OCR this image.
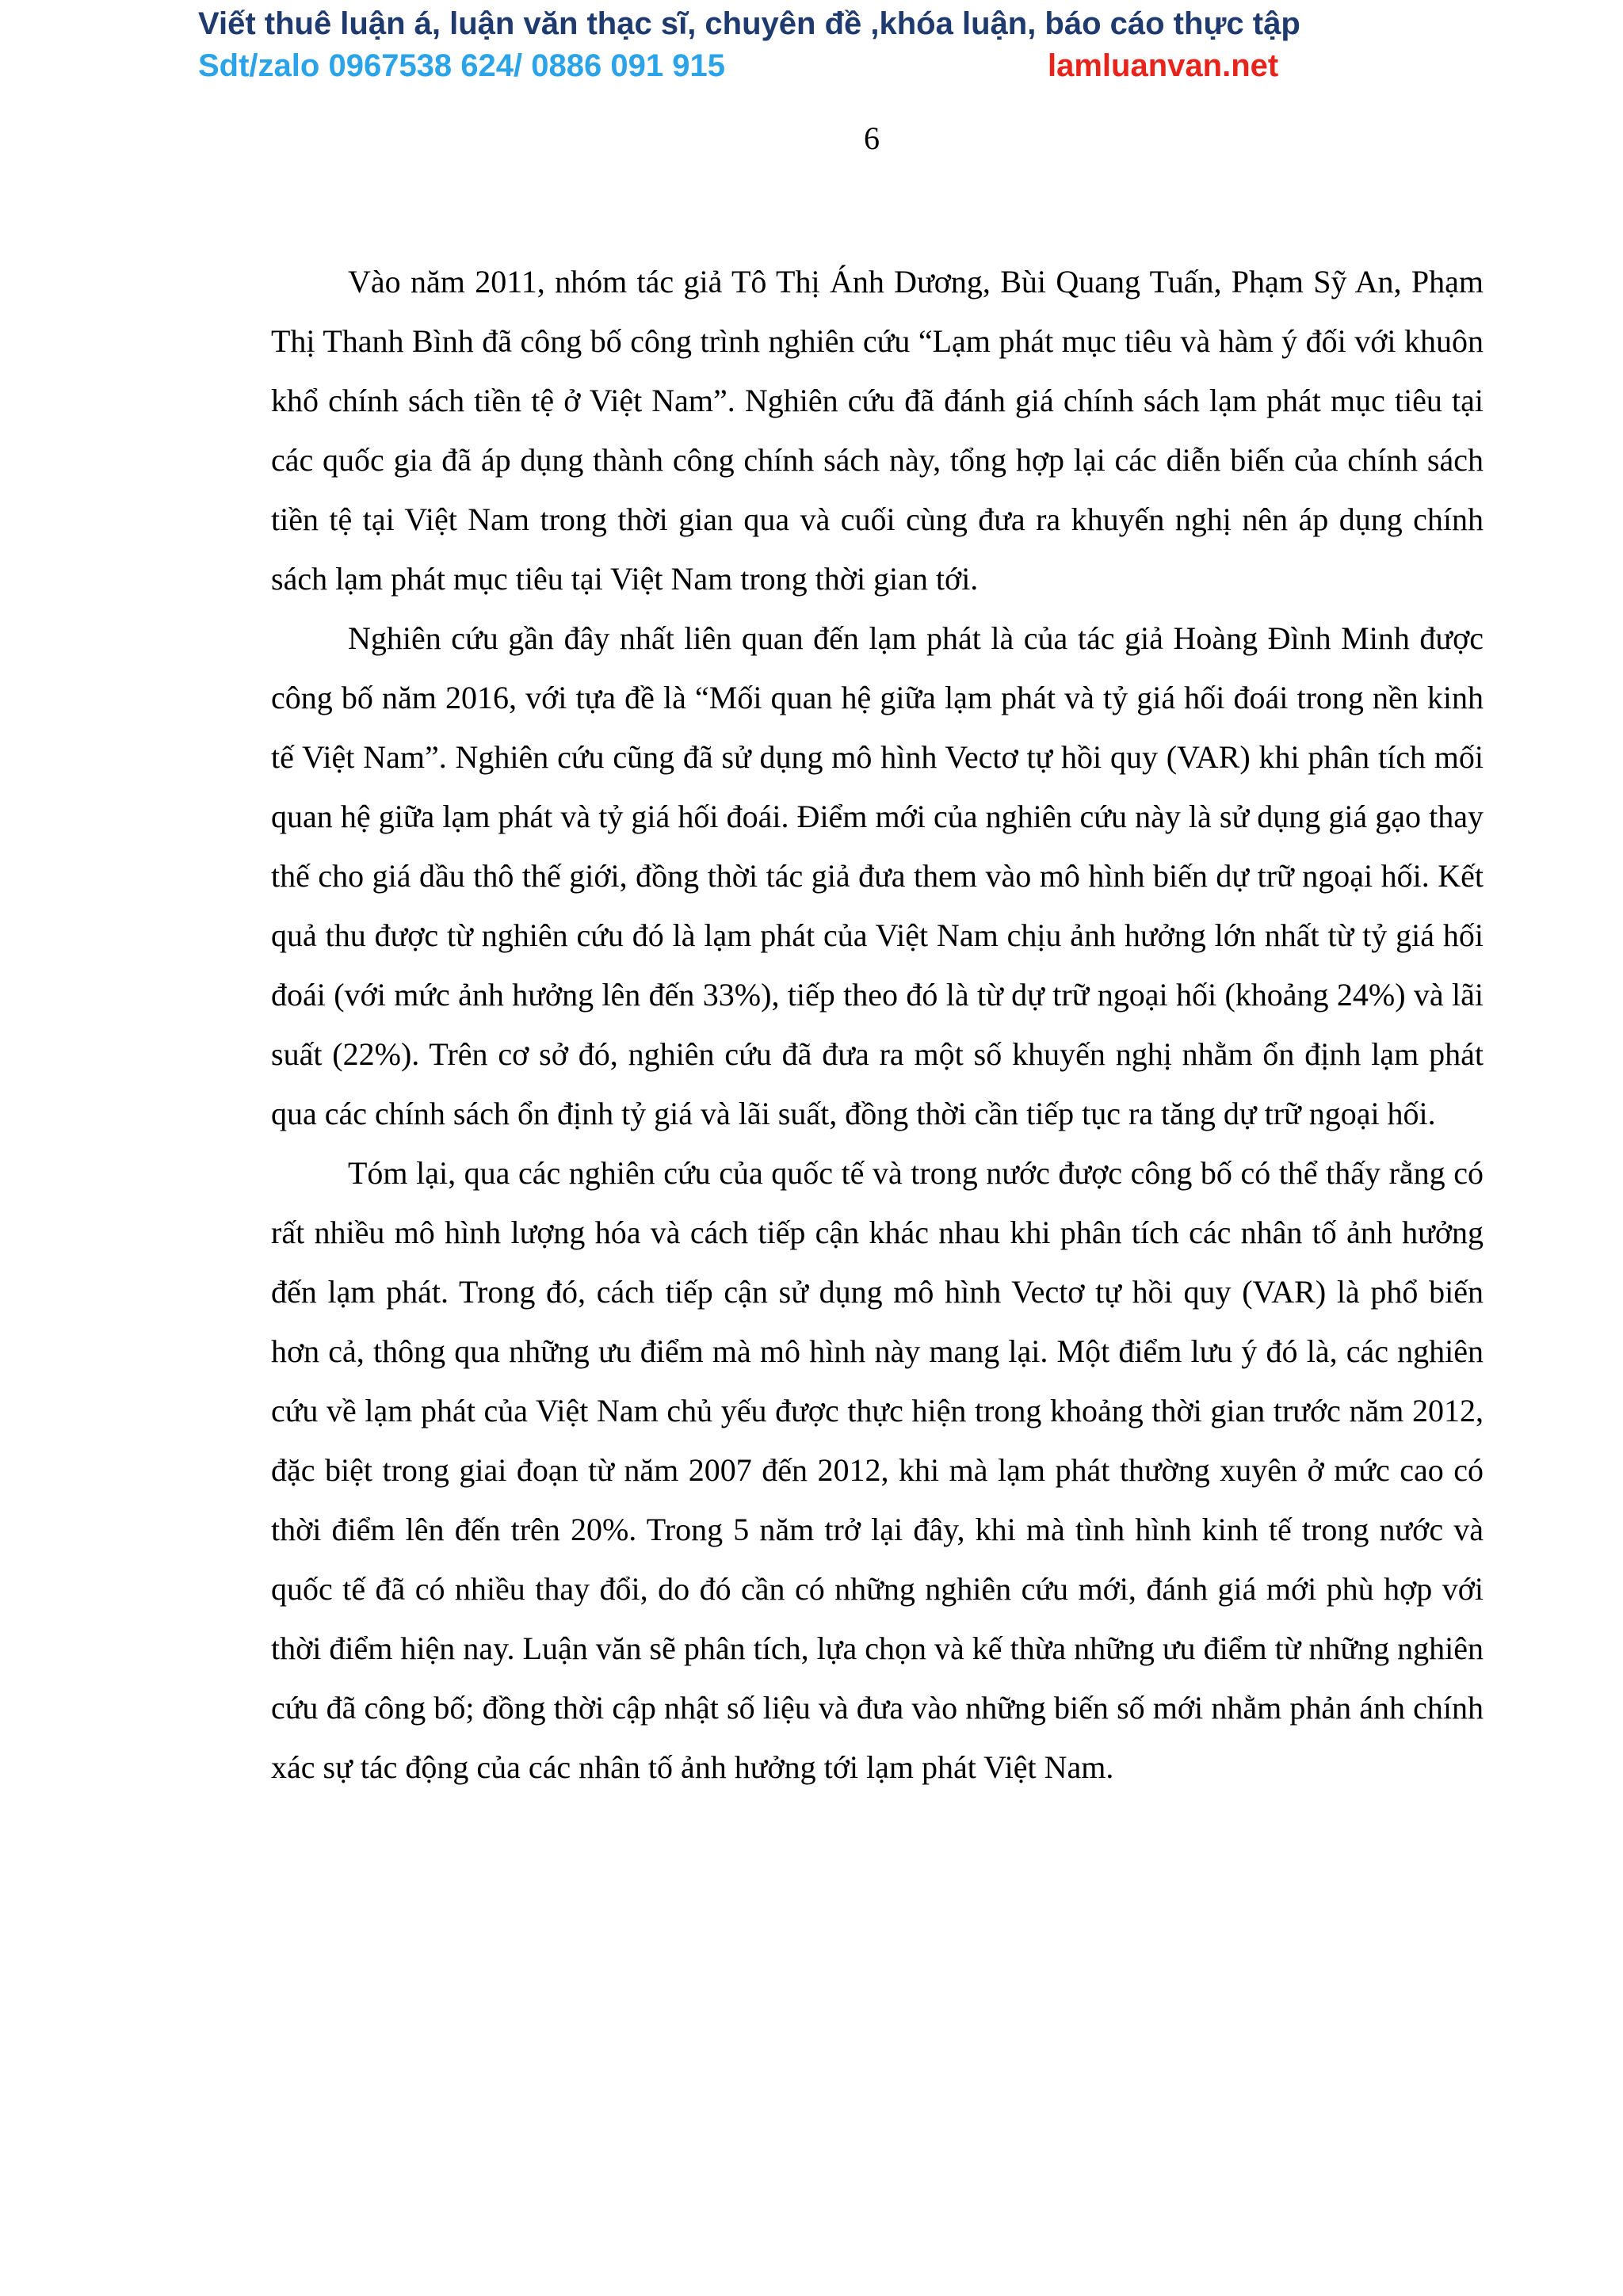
Viết thuê luận á, luận văn thạc sĩ, chuyên đề ,khóa luận, báo cáo thực tập
Sdt/zalo 0967538 624/ 0886 091 915	lamluanvan.net
6

Vào năm 2011, nhóm tác giả Tô Thị Ánh Dương, Bùi Quang Tuấn, Phạm Sỹ An, Phạm Thị Thanh Bình đã công bố công trình nghiên cứu “Lạm phát mục tiêu và hàm ý đối với khuôn khổ chính sách tiền tệ ở Việt Nam”. Nghiên cứu đã đánh giá chính sách lạm phát mục tiêu tại các quốc gia đã áp dụng thành công chính sách này, tổng hợp lại các diễn biến của chính sách tiền tệ tại Việt Nam trong thời gian qua và cuối cùng đưa ra khuyến nghị nên áp dụng chính sách lạm phát mục tiêu tại Việt Nam trong thời gian tới.

Nghiên cứu gần đây nhất liên quan đến lạm phát là của tác giả Hoàng Đình Minh được công bố năm 2016, với tựa đề là “Mối quan hệ giữa lạm phát và tỷ giá hối đoái trong nền kinh tế Việt Nam”. Nghiên cứu cũng đã sử dụng mô hình Vectơ tự hồi quy (VAR) khi phân tích mối quan hệ giữa lạm phát và tỷ giá hối đoái. Điểm mới của nghiên cứu này là sử dụng giá gạo thay thế cho giá dầu thô thế giới, đồng thời tác giả đưa them vào mô hình biến dự trữ ngoại hối. Kết quả thu được từ nghiên cứu đó là lạm phát của Việt Nam chịu ảnh hưởng lớn nhất từ tỷ giá hối đoái (với mức ảnh hưởng lên đến 33%), tiếp theo đó là từ dự trữ ngoại hối (khoảng 24%) và lãi suất (22%). Trên cơ sở đó, nghiên cứu đã đưa ra một số khuyến nghị nhằm ổn định lạm phát qua các chính sách ổn định tỷ giá và lãi suất, đồng thời cần tiếp tục ra tăng dự trữ ngoại hối.

Tóm lại, qua các nghiên cứu của quốc tế và trong nước được công bố có thể thấy rằng có rất nhiều mô hình lượng hóa và cách tiếp cận khác nhau khi phân tích các nhân tố ảnh hưởng đến lạm phát. Trong đó, cách tiếp cận sử dụng mô hình Vectơ tự hồi quy (VAR) là phổ biến hơn cả, thông qua những ưu điểm mà mô hình này mang lại. Một điểm lưu ý đó là, các nghiên cứu về lạm phát của Việt Nam chủ yếu được thực hiện trong khoảng thời gian trước năm 2012, đặc biệt trong giai đoạn từ năm 2007 đến 2012, khi mà lạm phát thường xuyên ở mức cao có thời điểm lên đến trên 20%. Trong 5 năm trở lại đây, khi mà tình hình kinh tế trong nước và quốc tế đã có nhiều thay đổi, do đó cần có những nghiên cứu mới, đánh giá mới phù hợp với thời điểm hiện nay. Luận văn sẽ phân tích, lựa chọn và kế thừa những ưu điểm từ những nghiên cứu đã công bố; đồng thời cập nhật số liệu và đưa vào những biến số mới nhằm phản ánh chính xác sự tác động của các nhân tố ảnh hưởng tới lạm phát Việt Nam.
